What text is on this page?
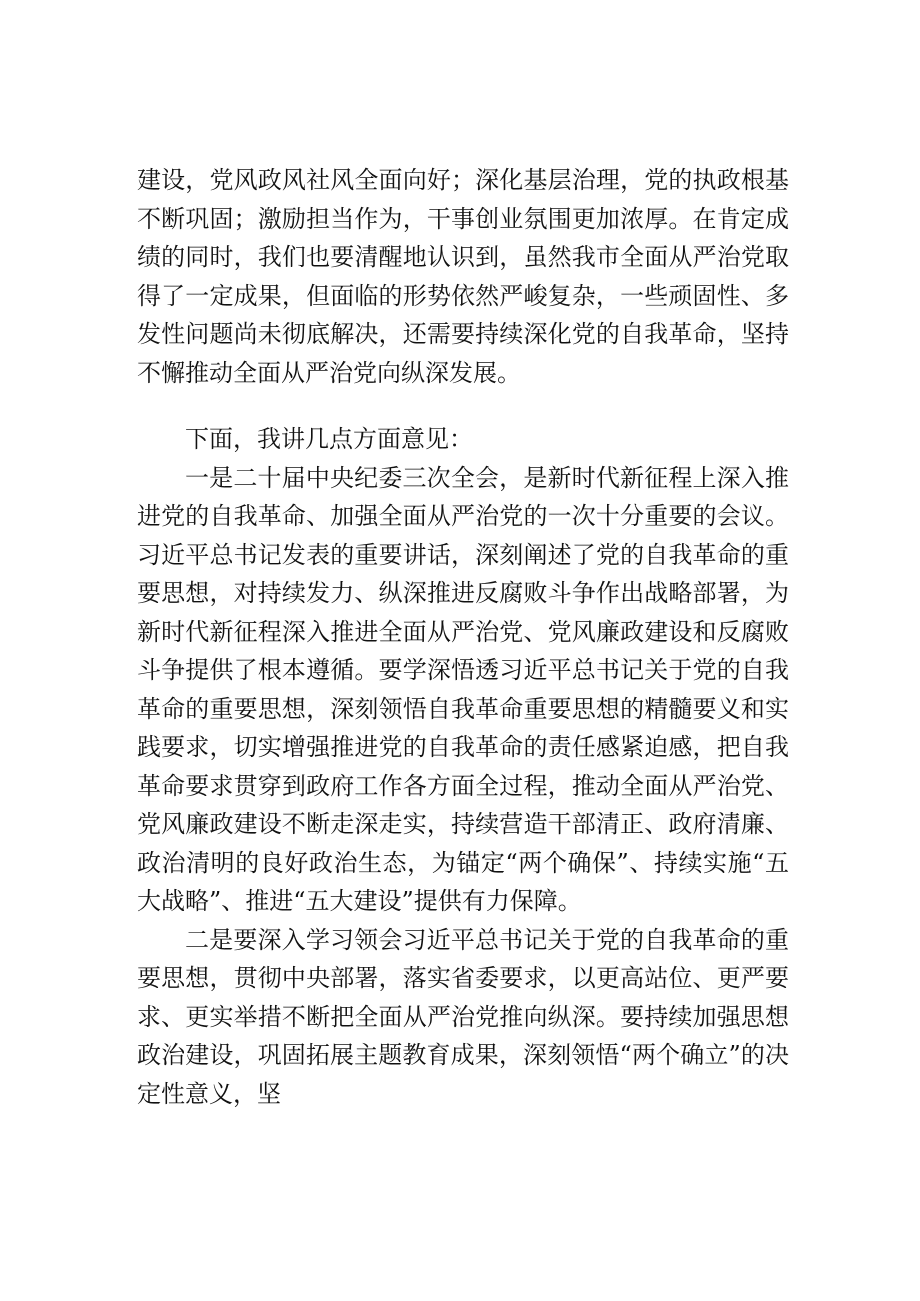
建设，党风政风社风全面向好；深化基层治理，党的执政根基不断巩固；激励担当作为，干事创业氛围更加浓厚。在肯定成绩的同时，我们也要清醒地认识到，虽然我市全面从严治党取得了一定成果，但面临的形势依然严峻复杂，一些顽固性、多发性问题尚未彻底解决，还需要持续深化党的自我革命，坚持不懈推动全面从严治党向纵深发展。

下面，我讲几点方面意见：

一是二十届中央纪委三次全会，是新时代新征程上深入推进党的自我革命、加强全面从严治党的一次十分重要的会议。习近平总书记发表的重要讲话，深刻阐述了党的自我革命的重要思想，对持续发力、纵深推进反腐败斗争作出战略部署，为新时代新征程深入推进全面从严治党、党风廉政建设和反腐败斗争提供了根本遵循。要学深悟透习近平总书记关于党的自我革命的重要思想，深刻领悟自我革命重要思想的精髓要义和实践要求，切实增强推进党的自我革命的责任感紧迫感，把自我革命要求贯穿到政府工作各方面全过程，推动全面从严治党、党风廉政建设不断走深走实，持续营造干部清正、政府清廉、政治清明的良好政治生态，为锚定“两个确保”、持续实施“五大战略”、推进“五大建设”提供有力保障。

二是要深入学习领会习近平总书记关于党的自我革命的重要思想，贯彻中央部署，落实省委要求，以更高站位、更严要求、更实举措不断把全面从严治党推向纵深。要持续加强思想政治建设，巩固拓展主题教育成果，深刻领悟“两个确立”的决定性意义，坚
